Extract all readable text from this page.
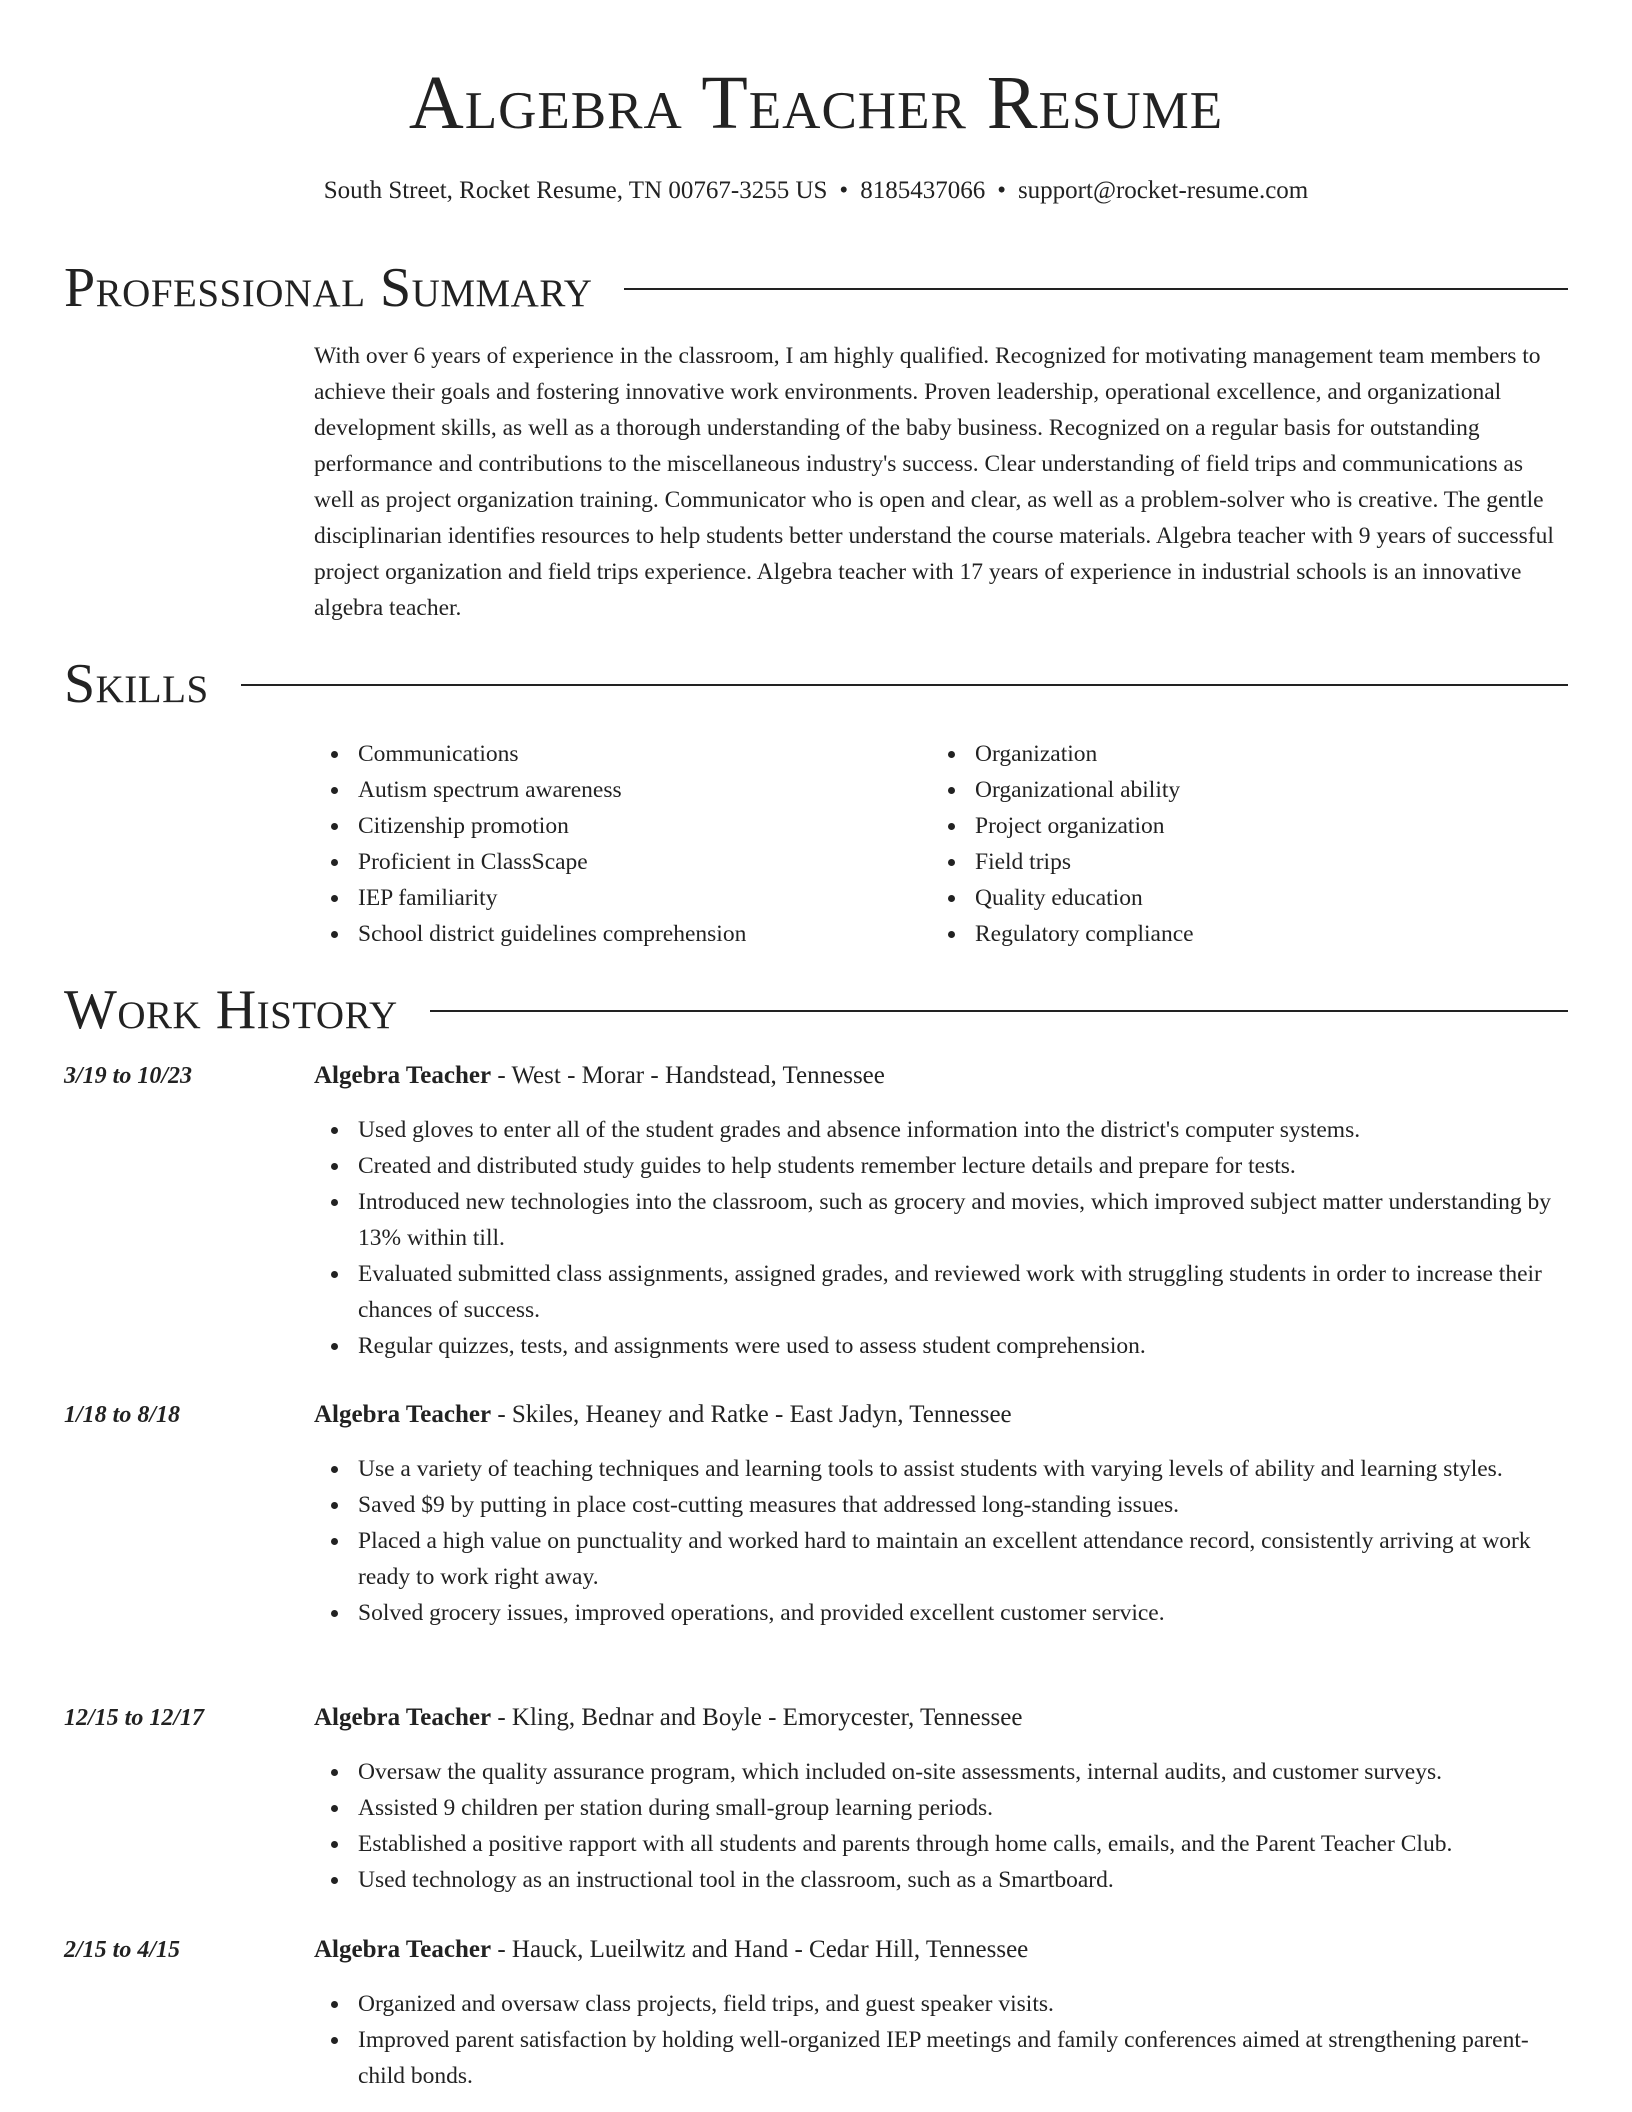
Algebra Teacher Resume
South Street, Rocket Resume, TN 00767-3255 US • 8185437066 • support@rocket-resume.com
Professional Summary

With over 6 years of experience in the classroom, I am highly qualified. Recognized for motivating management team members to achieve their goals and fostering innovative work environments. Proven leadership, operational excellence, and organizational development skills, as well as a thorough understanding of the baby business. Recognized on a regular basis for outstanding performance and contributions to the miscellaneous industry's success. Clear understanding of field trips and communications as well as project organization training. Communicator who is open and clear, as well as a problem-solver who is creative. The gentle disciplinarian identifies resources to help students better understand the course materials. Algebra teacher with 9 years of successful project organization and field trips experience. Algebra teacher with 17 years of experience in industrial schools is an innovative algebra teacher.

Skills
Communications
Autism spectrum awareness
Citizenship promotion
Proficient in ClassScape
IEP familiarity
School district guidelines comprehension
Organization
Organizational ability
Project organization
Field trips
Quality education
Regulatory compliance
Work History
3/19 to 10/23	Algebra Teacher - West - Morar - Handstead, Tennessee
Used gloves to enter all of the student grades and absence information into the district's computer systems.
Created and distributed study guides to help students remember lecture details and prepare for tests.
Introduced new technologies into the classroom, such as grocery and movies, which improved subject matter understanding by 13% within till.
Evaluated submitted class assignments, assigned grades, and reviewed work with struggling students in order to increase their chances of success.
Regular quizzes, tests, and assignments were used to assess student comprehension.
1/18 to 8/18	Algebra Teacher - Skiles, Heaney and Ratke - East Jadyn, Tennessee
Use a variety of teaching techniques and learning tools to assist students with varying levels of ability and learning styles.
Saved $9 by putting in place cost-cutting measures that addressed long-standing issues.
Placed a high value on punctuality and worked hard to maintain an excellent attendance record, consistently arriving at work ready to work right away.
Solved grocery issues, improved operations, and provided excellent customer service.
12/15 to 12/17	Algebra Teacher - Kling, Bednar and Boyle - Emorycester, Tennessee
Oversaw the quality assurance program, which included on-site assessments, internal audits, and customer surveys.
Assisted 9 children per station during small-group learning periods.
Established a positive rapport with all students and parents through home calls, emails, and the Parent Teacher Club.
Used technology as an instructional tool in the classroom, such as a Smartboard.
2/15 to 4/15	Algebra Teacher - Hauck, Lueilwitz and Hand - Cedar Hill, Tennessee
Organized and oversaw class projects, field trips, and guest speaker visits.
Improved parent satisfaction by holding well-organized IEP meetings and family conferences aimed at strengthening parent-child bonds.
